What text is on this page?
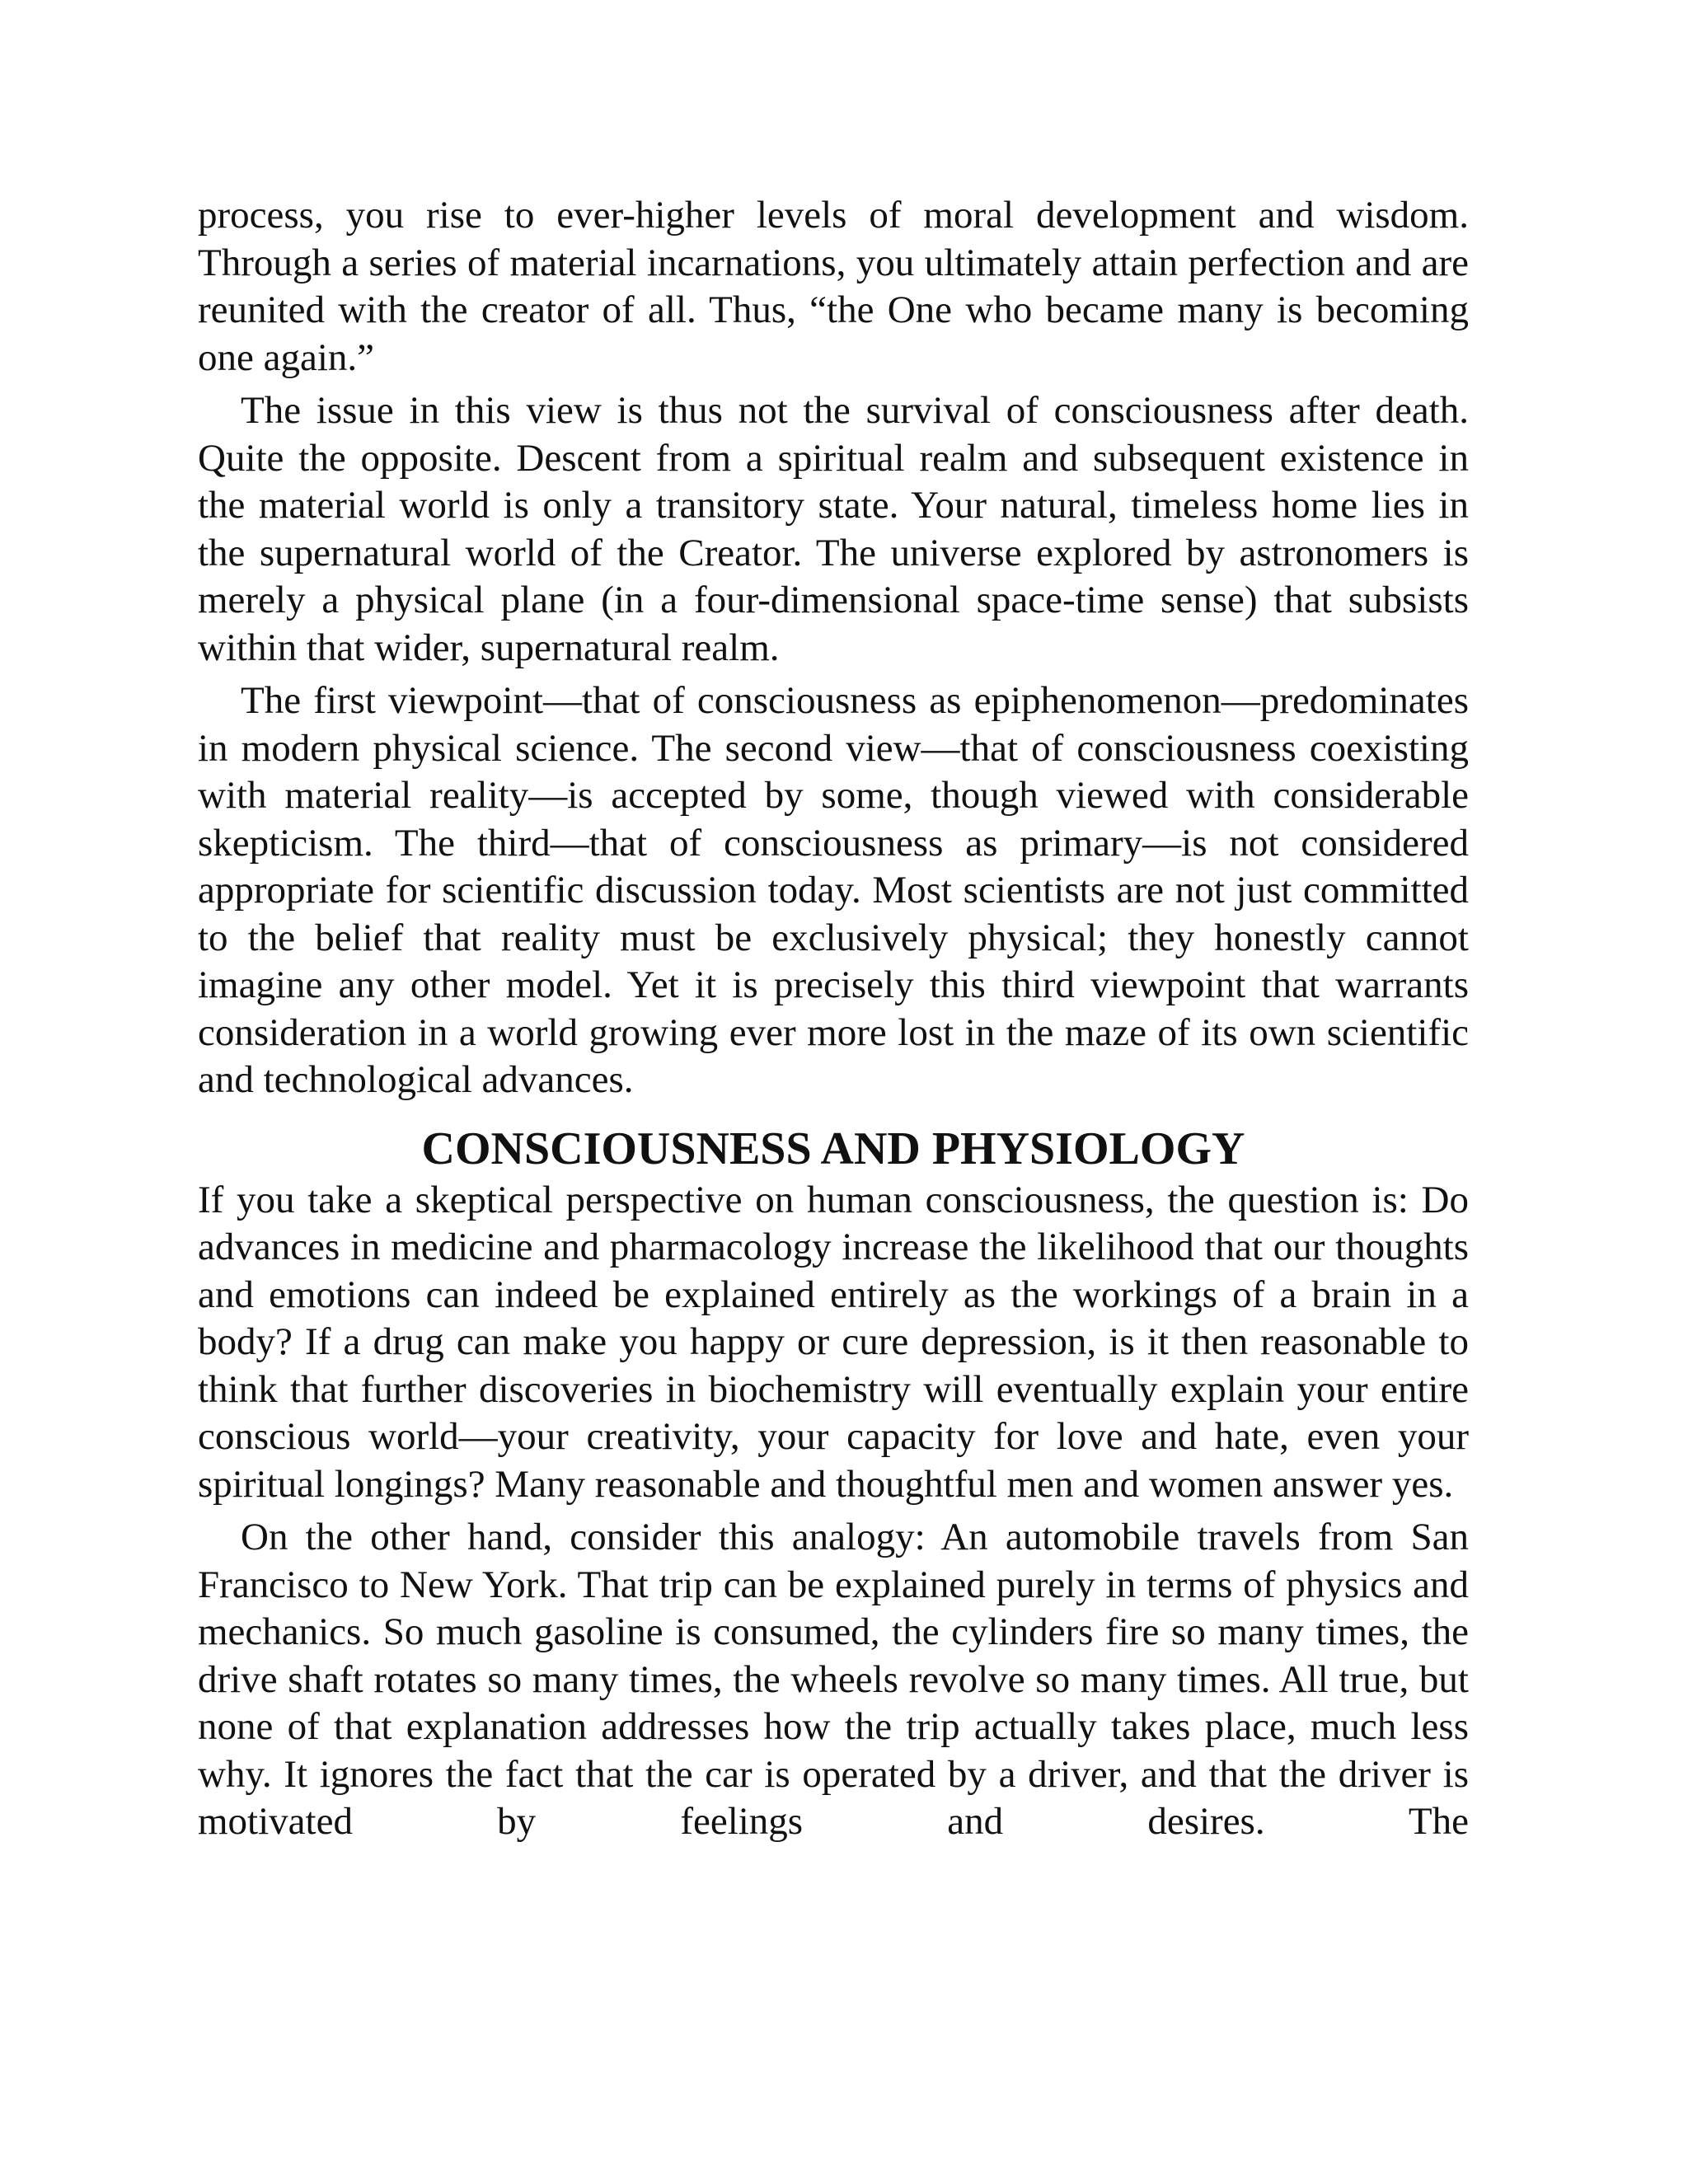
process, you rise to ever-higher levels of moral development and wisdom. Through a series of material incarnations, you ultimately attain perfection and are reunited with the creator of all. Thus, “the One who became many is becoming one again.”

The issue in this view is thus not the survival of consciousness after death. Quite the opposite. Descent from a spiritual realm and subsequent existence in the material world is only a transitory state. Your natural, timeless home lies in the supernatural world of the Creator. The universe explored by astronomers is merely a physical plane (in a four-dimensional space-time sense) that subsists within that wider, supernatural realm.

The first viewpoint—that of consciousness as epiphenomenon—predominates in modern physical science. The second view—that of consciousness coexisting with material reality—is accepted by some, though viewed with considerable skepticism. The third—that of consciousness as primary—is not considered appropriate for scientific discussion today. Most scientists are not just committed to the belief that reality must be exclusively physical; they honestly cannot imagine any other model. Yet it is precisely this third viewpoint that warrants consideration in a world growing ever more lost in the maze of its own scientific and technological advances.

CONSCIOUSNESS AND PHYSIOLOGY

If you take a skeptical perspective on human consciousness, the question is: Do advances in medicine and pharmacology increase the likelihood that our thoughts and emotions can indeed be explained entirely as the workings of a brain in a body? If a drug can make you happy or cure depression, is it then reasonable to think that further discoveries in biochemistry will eventually explain your entire conscious world—your creativity, your capacity for love and hate, even your spiritual longings? Many reasonable and thoughtful men and women answer yes.

On the other hand, consider this analogy: An automobile travels from San Francisco to New York. That trip can be explained purely in terms of physics and mechanics. So much gasoline is consumed, the cylinders fire so many times, the drive shaft rotates so many times, the wheels revolve so many times. All true, but none of that explanation addresses how the trip actually takes place, much less why. It ignores the fact that the car is operated by a driver, and that the driver is motivated by feelings and desires. The
